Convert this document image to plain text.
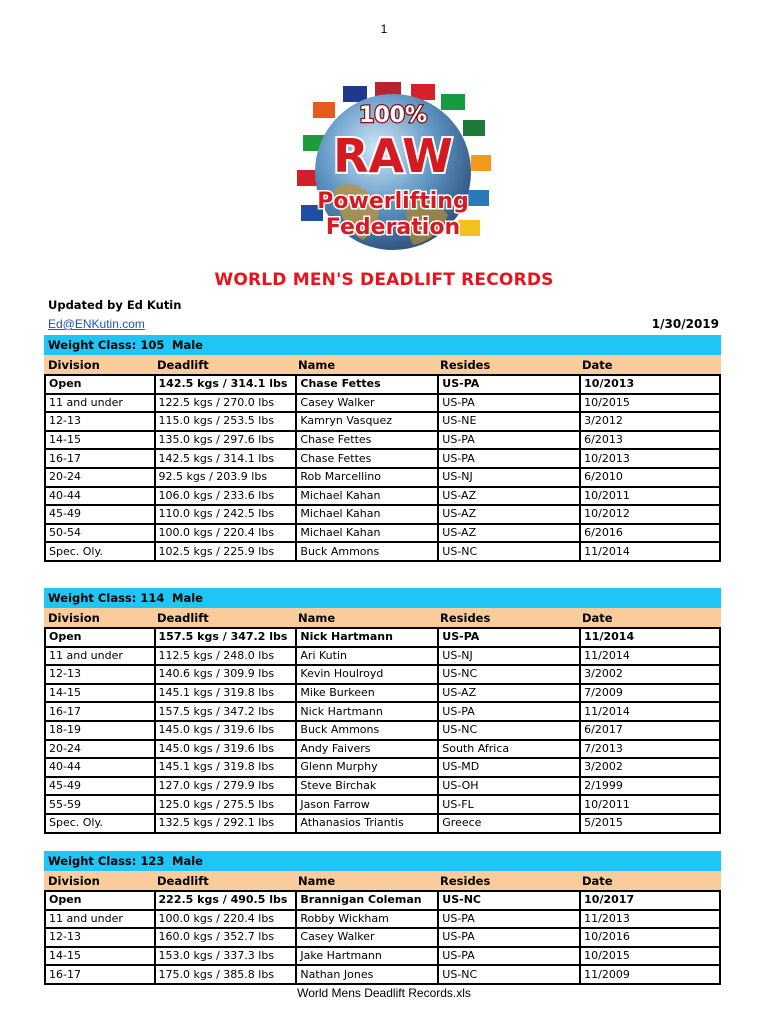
1
100%
RAW
Powerlifting
Federation
WORLD MEN'S DEADLIFT RECORDS
Updated by Ed Kutin
Ed@ENKutin.com	1/30/2019
Weight Class: 105 Male
Division	Deadlift	Name	Resides	Date
Open	142.5 kgs / 314.1 lbs	Chase Fettes	US-PA	10/2013
11 and under	122.5 kgs / 270.0 lbs	Casey Walker	US-PA	10/2015
12-13	115.0 kgs / 253.5 lbs	Kamryn Vasquez	US-NE	3/2012
14-15	135.0 kgs / 297.6 lbs	Chase Fettes	US-PA	6/2013
16-17	142.5 kgs / 314.1 lbs	Chase Fettes	US-PA	10/2013
20-24	92.5 kgs / 203.9 lbs	Rob Marcellino	US-NJ	6/2010
40-44	106.0 kgs / 233.6 lbs	Michael Kahan	US-AZ	10/2011
45-49	110.0 kgs / 242.5 lbs	Michael Kahan	US-AZ	10/2012
50-54	100.0 kgs / 220.4 lbs	Michael Kahan	US-AZ	6/2016
Spec. Oly.	102.5 kgs / 225.9 lbs	Buck Ammons	US-NC	11/2014
Weight Class: 114 Male
Division	Deadlift	Name	Resides	Date
Open	157.5 kgs / 347.2 lbs	Nick Hartmann	US-PA	11/2014
11 and under	112.5 kgs / 248.0 lbs	Ari Kutin	US-NJ	11/2014
12-13	140.6 kgs / 309.9 lbs	Kevin Houlroyd	US-NC	3/2002
14-15	145.1 kgs / 319.8 lbs	Mike Burkeen	US-AZ	7/2009
16-17	157.5 kgs / 347.2 lbs	Nick Hartmann	US-PA	11/2014
18-19	145.0 kgs / 319.6 lbs	Buck Ammons	US-NC	6/2017
20-24	145.0 kgs / 319.6 lbs	Andy Faivers	South Africa	7/2013
40-44	145.1 kgs / 319.8 lbs	Glenn Murphy	US-MD	3/2002
45-49	127.0 kgs / 279.9 lbs	Steve Birchak	US-OH	2/1999
55-59	125.0 kgs / 275.5 lbs	Jason Farrow	US-FL	10/2011
Spec. Oly.	132.5 kgs / 292.1 lbs	Athanasios Triantis	Greece	5/2015
Weight Class: 123 Male
Division	Deadlift	Name	Resides	Date
Open	222.5 kgs / 490.5 lbs	Brannigan Coleman	US-NC	10/2017
11 and under	100.0 kgs / 220.4 lbs	Robby Wickham	US-PA	11/2013
12-13	160.0 kgs / 352.7 lbs	Casey Walker	US-PA	10/2016
14-15	153.0 kgs / 337.3 lbs	Jake Hartmann	US-PA	10/2015
16-17	175.0 kgs / 385.8 lbs	Nathan Jones	US-NC	11/2009
World Mens Deadlift Records.xls
